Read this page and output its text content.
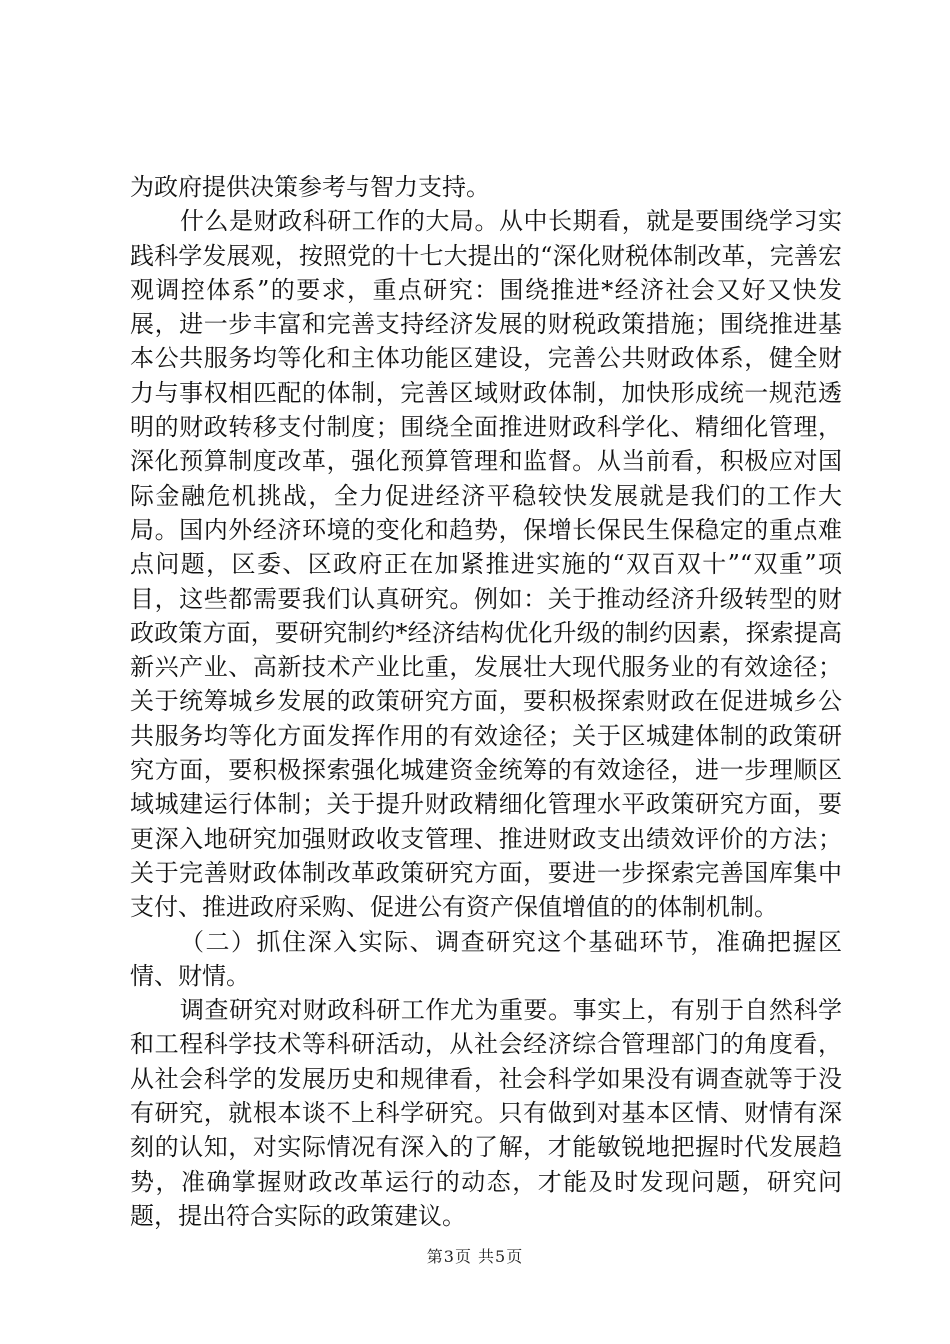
为政府提供决策参考与智力支持。

什么是财政科研工作的大局。从中长期看，就是要围绕学习实践科学发展观，按照党的十七大提出的“深化财税体制改革，完善宏观调控体系”的要求，重点研究：围绕推进*经济社会又好又快发展，进一步丰富和完善支持经济发展的财税政策措施；围绕推进基本公共服务均等化和主体功能区建设，完善公共财政体系，健全财力与事权相匹配的体制，完善区域财政体制，加快形成统一规范透明的财政转移支付制度；围绕全面推进财政科学化、精细化管理，深化预算制度改革，强化预算管理和监督。从当前看，积极应对国际金融危机挑战，全力促进经济平稳较快发展就是我们的工作大局。国内外经济环境的变化和趋势，保增长保民生保稳定的重点难点问题，区委、区政府正在加紧推进实施的“双百双十”“双重”项目，这些都需要我们认真研究。例如：关于推动经济升级转型的财政政策方面，要研究制约*经济结构优化升级的制约因素，探索提高新兴产业、高新技术产业比重，发展壮大现代服务业的有效途径；关于统筹城乡发展的政策研究方面，要积极探索财政在促进城乡公共服务均等化方面发挥作用的有效途径；关于区城建体制的政策研究方面，要积极探索强化城建资金统筹的有效途径，进一步理顺区域城建运行体制；关于提升财政精细化管理水平政策研究方面，要更深入地研究加强财政收支管理、推进财政支出绩效评价的方法；关于完善财政体制改革政策研究方面，要进一步探索完善国库集中支付、推进政府采购、促进公有资产保值增值的的体制机制。

（二）抓住深入实际、调查研究这个基础环节，准确把握区情、财情。

调查研究对财政科研工作尤为重要。事实上，有别于自然科学和工程科学技术等科研活动，从社会经济综合管理部门的角度看，从社会科学的发展历史和规律看，社会科学如果没有调查就等于没有研究，就根本谈不上科学研究。只有做到对基本区情、财情有深刻的认知，对实际情况有深入的了解，才能敏锐地把握时代发展趋势，准确掌握财政改革运行的动态，才能及时发现问题，研究问题，提出符合实际的政策建议。

第3页 共5页
